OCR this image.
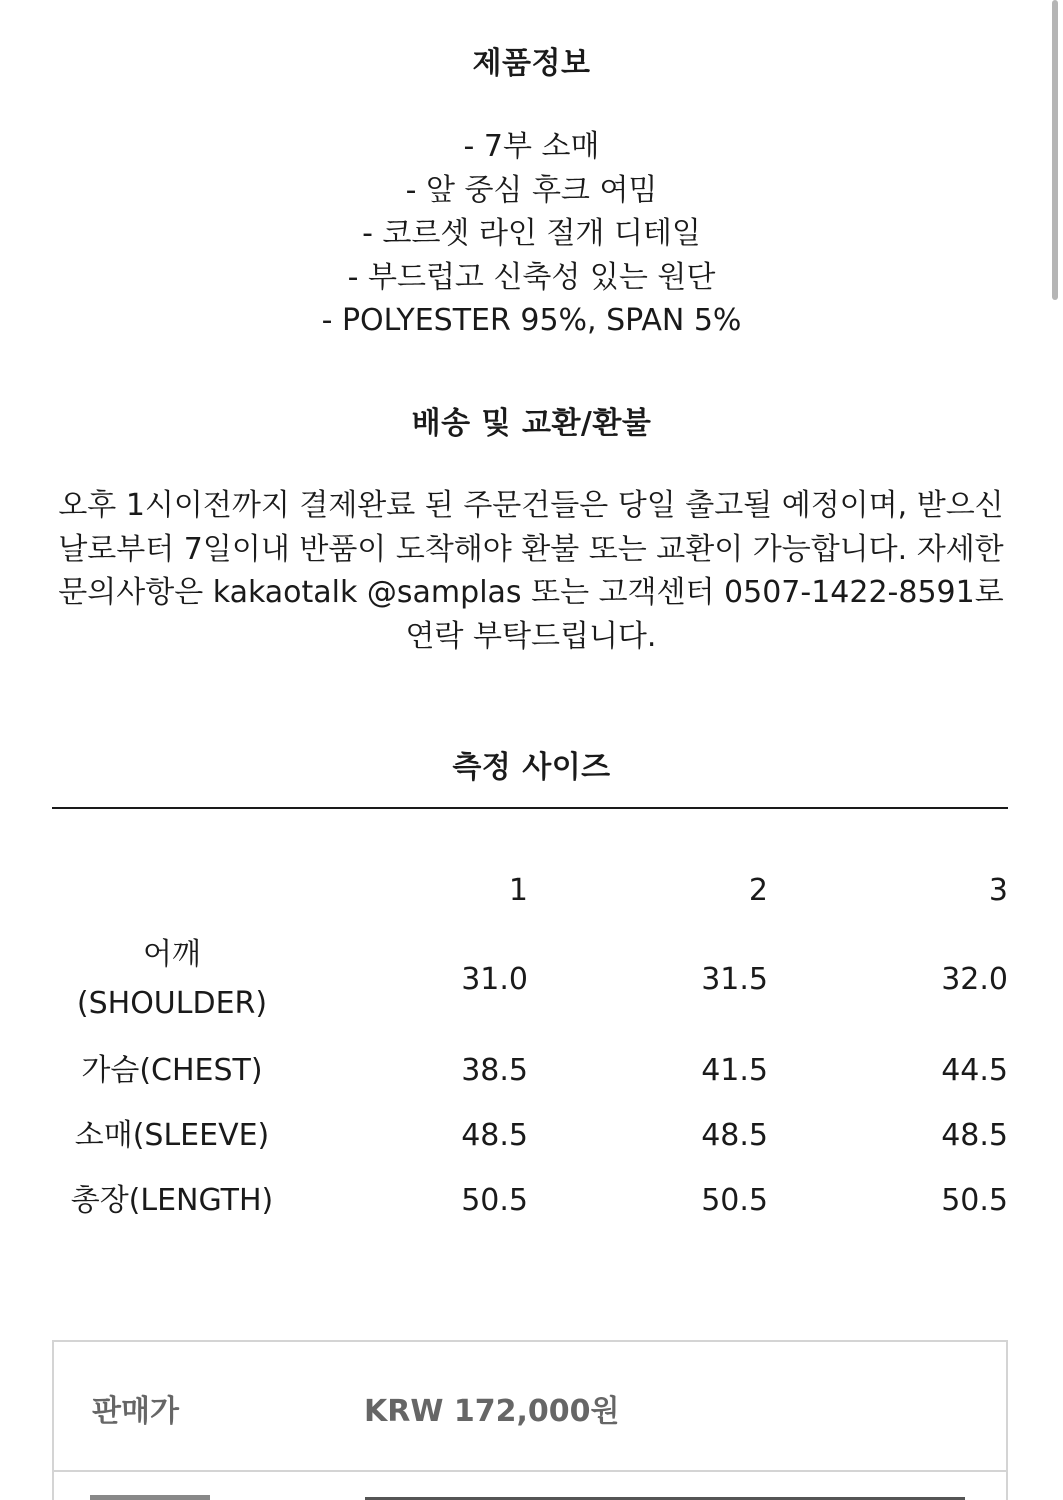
제품정보
- 7부 소매
- 앞 중심 후크 여밈
- 코르셋 라인 절개 디테일
- 부드럽고 신축성 있는 원단
- POLYESTER 95%, SPAN 5%
배송 및 교환/환불

오후 1시이전까지 결제완료 된 주문건들은 당일 출고될 예정이며, 받으신 날로부터 7일이내 반품이 도착해야 환불 또는 교환이 가능합니다. 자세한 문의사항은 kakaotalk @samplas 또는 고객센터 0507-1422-8591로 연락 부탁드립니다.

측정 사이즈
	1	2	3
어깨
(SHOULDER)	31.0	31.5	32.0
가슴(CHEST)	38.5	41.5	44.5
소매(SLEEVE)	48.5	48.5	48.5
총장(LENGTH)	50.5	50.5	50.5
판매가	KRW 172,000원
